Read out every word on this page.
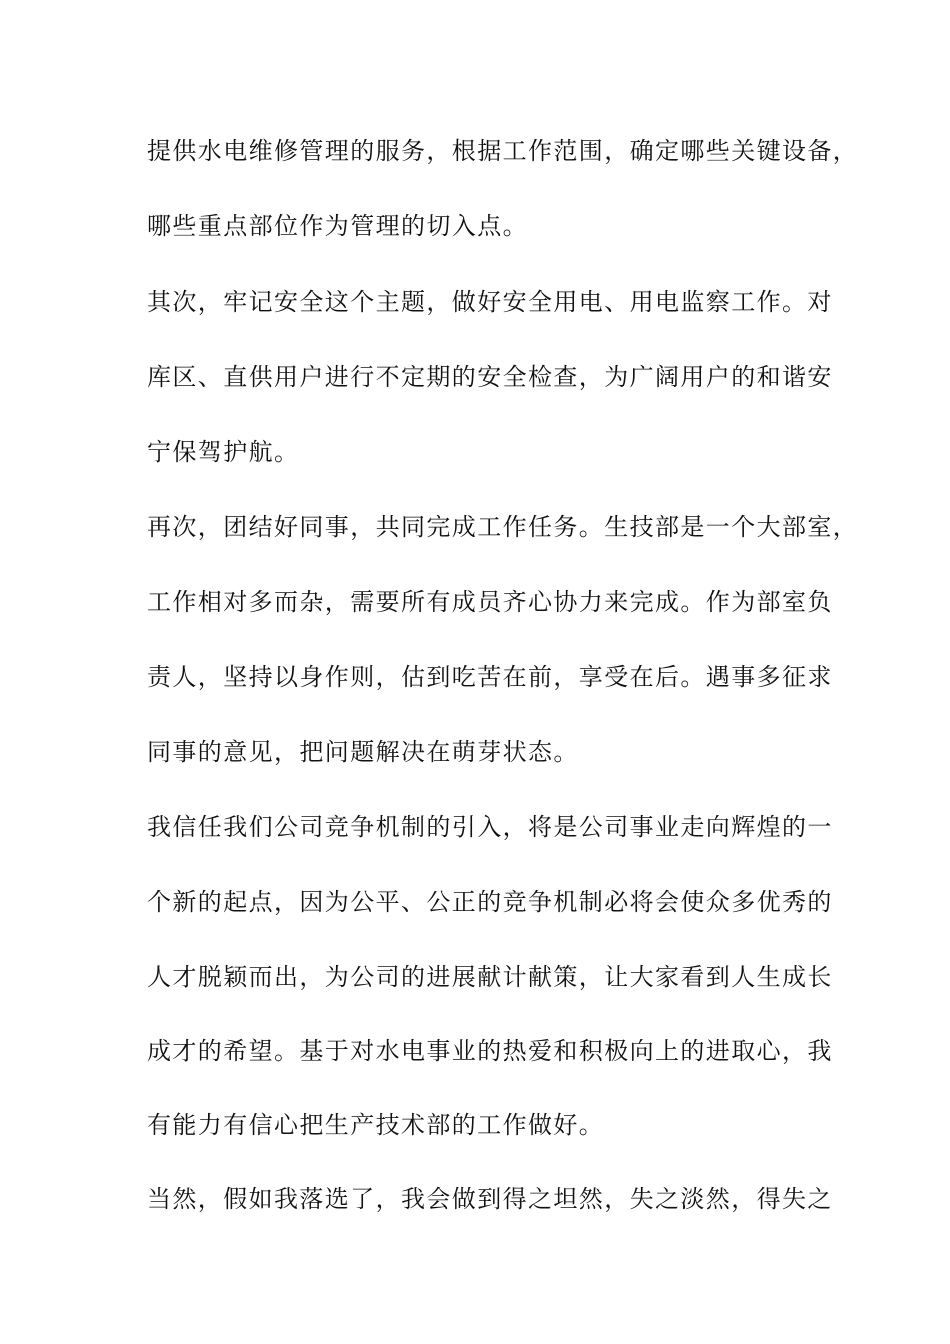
提供水电维修管理的服务，根据工作范围，确定哪些关键设备，
哪些重点部位作为管理的切入点。
其次，牢记安全这个主题，做好安全用电、用电监察工作。对
库区、直供用户进行不定期的安全检查，为广阔用户的和谐安
宁保驾护航。
再次，团结好同事，共同完成工作任务。生技部是一个大部室，
工作相对多而杂，需要所有成员齐心协力来完成。作为部室负
责人，坚持以身作则，估到吃苦在前，享受在后。遇事多征求
同事的意见，把问题解决在萌芽状态。
我信任我们公司竞争机制的引入，将是公司事业走向辉煌的一
个新的起点，因为公平、公正的竞争机制必将会使众多优秀的
人才脱颖而出，为公司的进展献计献策，让大家看到人生成长
成才的希望。基于对水电事业的热爱和积极向上的进取心，我
有能力有信心把生产技术部的工作做好。
当然，假如我落选了，我会做到得之坦然，失之淡然，得失之
